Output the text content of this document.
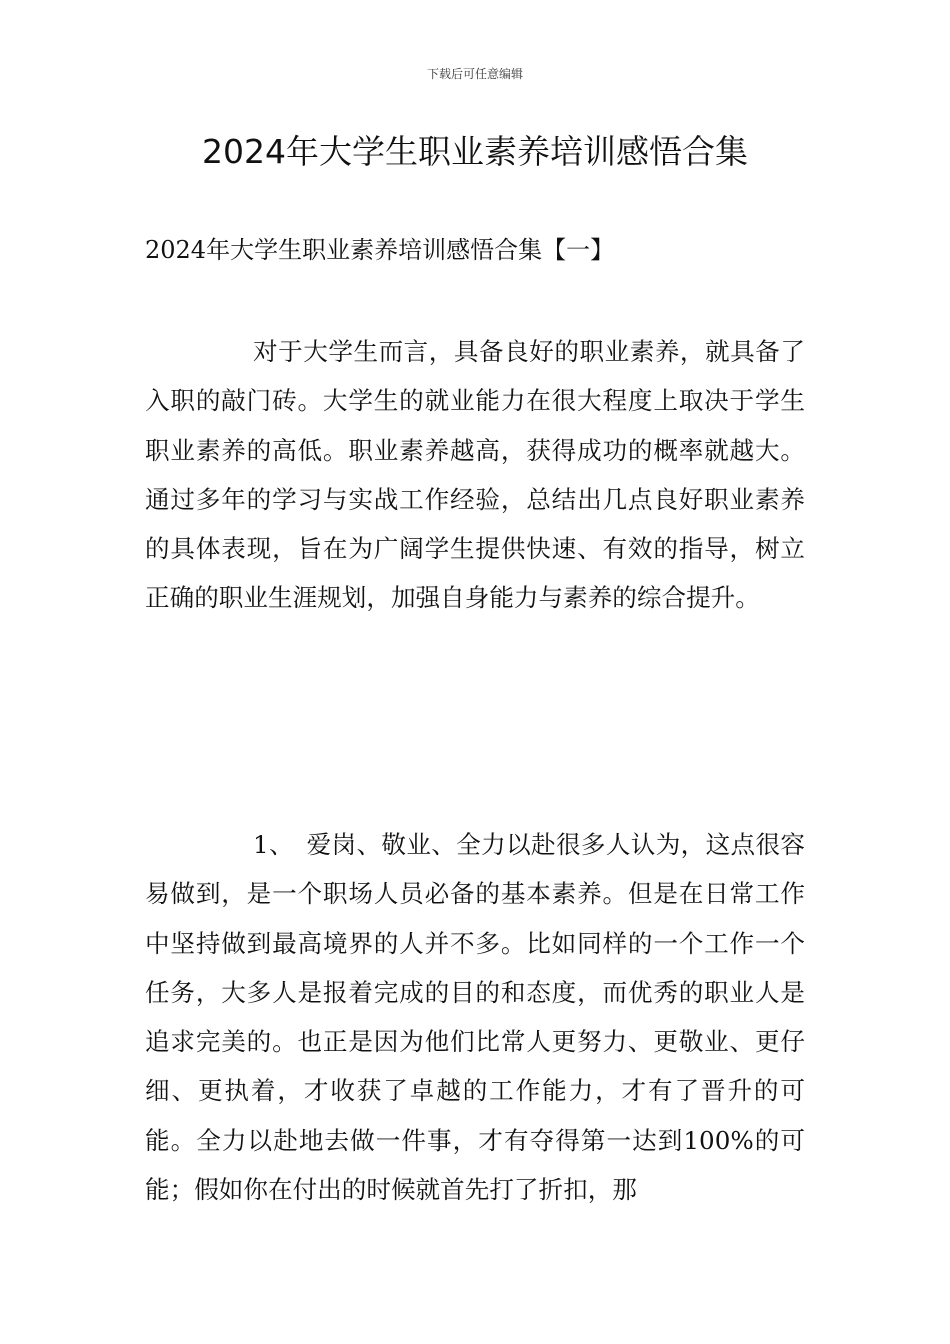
下载后可任意编辑
2024年大学生职业素养培训感悟合集
2024年大学生职业素养培训感悟合集【一】

对于大学生而言，具备良好的职业素养，就具备了入职的敲门砖。大学生的就业能力在很大程度上取决于学生职业素养的高低。职业素养越高，获得成功的概率就越大。通过多年的学习与实战工作经验，总结出几点良好职业素养的具体表现，旨在为广阔学生提供快速、有效的指导，树立正确的职业生涯规划，加强自身能力与素养的综合提升。

1、　爱岗、敬业、全力以赴很多人认为，这点很容易做到，是一个职场人员必备的基本素养。但是在日常工作中坚持做到最高境界的人并不多。比如同样的一个工作一个任务，大多人是报着完成的目的和态度，而优秀的职业人是追求完美的。也正是因为他们比常人更努力、更敬业、更仔细、更执着，才收获了卓越的工作能力，才有了晋升的可能。全力以赴地去做一件事，才有夺得第一达到100%的可能；假如你在付出的时候就首先打了折扣，那
